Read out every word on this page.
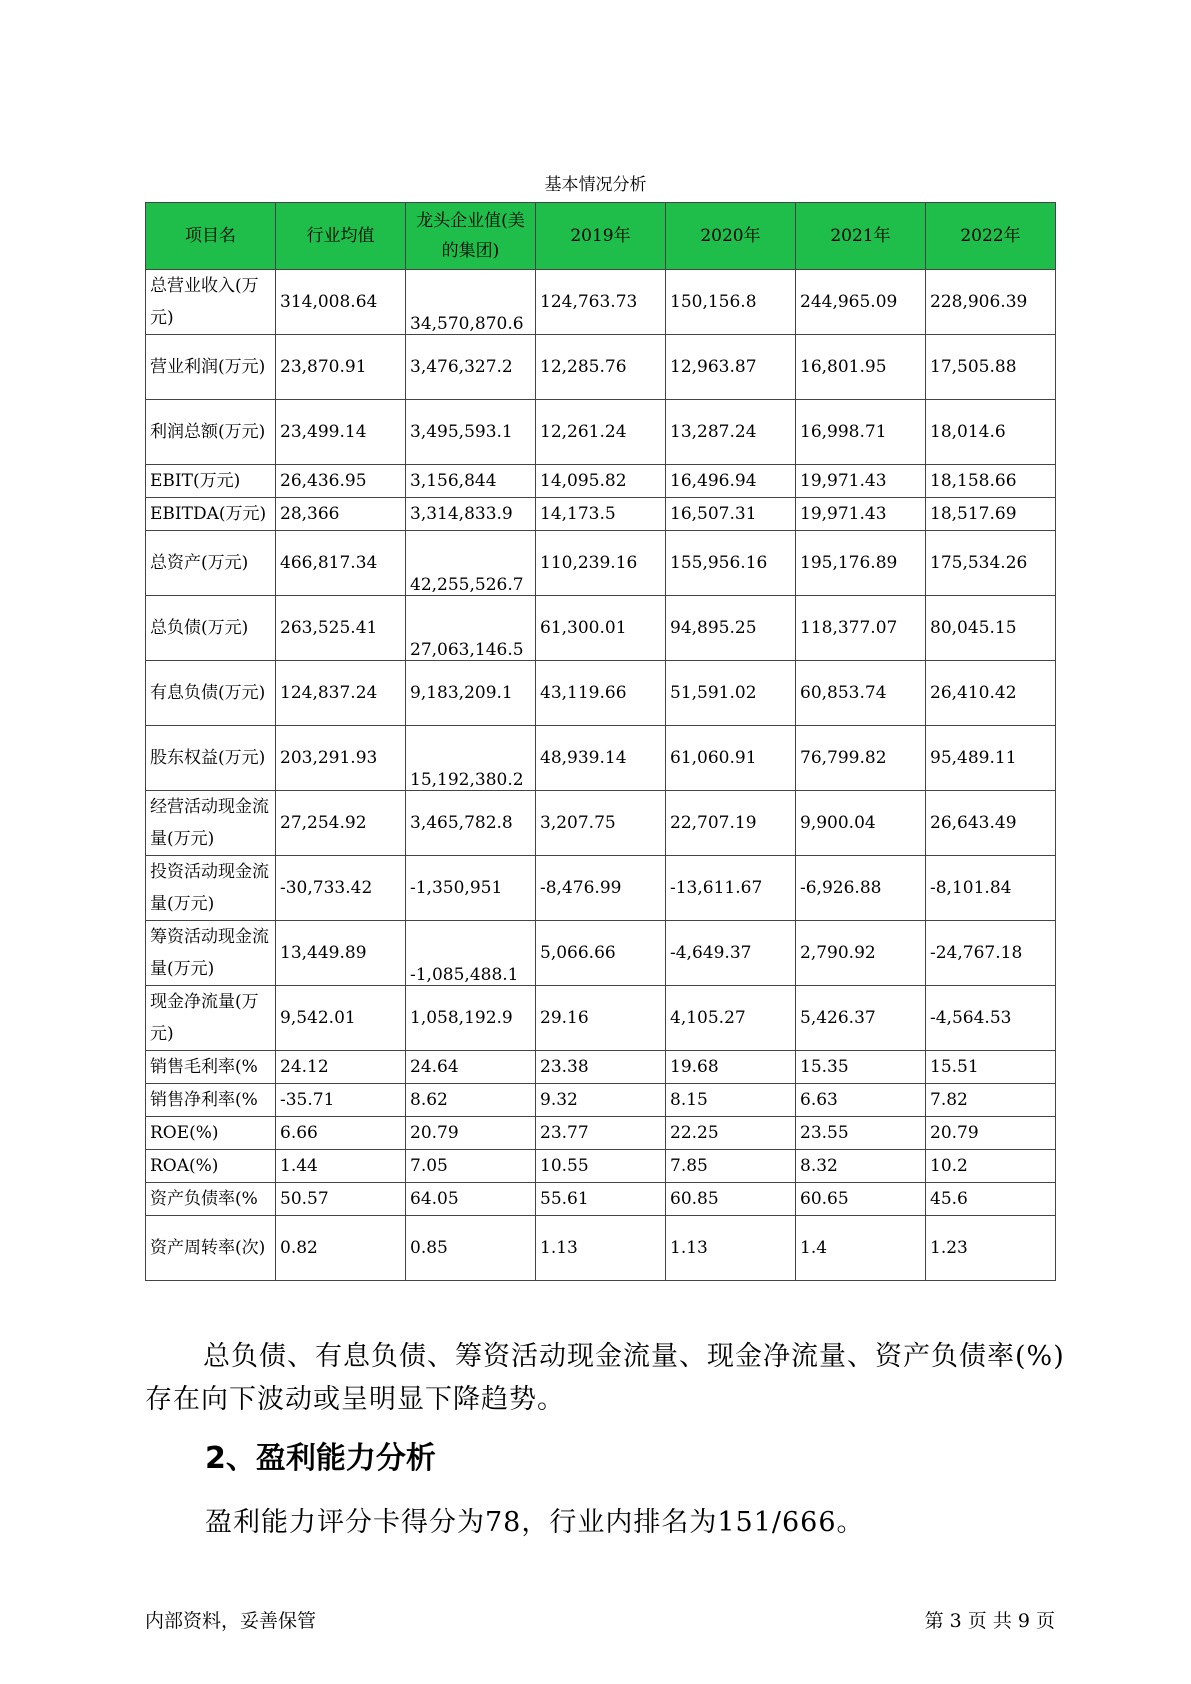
基本情况分析
项目名	行业均值	龙头企业值(美的集团)	2019年	2020年	2021年	2022年
总营业收入(万元)	314,008.64	34,570,870.6	124,763.73	150,156.8	244,965.09	228,906.39
营业利润(万元)	23,870.91	3,476,327.2	12,285.76	12,963.87	16,801.95	17,505.88
利润总额(万元)	23,499.14	3,495,593.1	12,261.24	13,287.24	16,998.71	18,014.6
EBIT(万元)	26,436.95	3,156,844	14,095.82	16,496.94	19,971.43	18,158.66
EBITDA(万元)	28,366	3,314,833.9	14,173.5	16,507.31	19,971.43	18,517.69
总资产(万元)	466,817.34	42,255,526.7	110,239.16	155,956.16	195,176.89	175,534.26
总负债(万元)	263,525.41	27,063,146.5	61,300.01	94,895.25	118,377.07	80,045.15
有息负债(万元)	124,837.24	9,183,209.1	43,119.66	51,591.02	60,853.74	26,410.42
股东权益(万元)	203,291.93	15,192,380.2	48,939.14	61,060.91	76,799.82	95,489.11
经营活动现金流量(万元)	27,254.92	3,465,782.8	3,207.75	22,707.19	9,900.04	26,643.49
投资活动现金流量(万元)	-30,733.42	-1,350,951	-8,476.99	-13,611.67	-6,926.88	-8,101.84
筹资活动现金流量(万元)	13,449.89	-1,085,488.1	5,066.66	-4,649.37	2,790.92	-24,767.18
现金净流量(万元)	9,542.01	1,058,192.9	29.16	4,105.27	5,426.37	-4,564.53
销售毛利率(%	24.12	24.64	23.38	19.68	15.35	15.51
销售净利率(%	-35.71	8.62	9.32	8.15	6.63	7.82
ROE(%)	6.66	20.79	23.77	22.25	23.55	20.79
ROA(%)	1.44	7.05	10.55	7.85	8.32	10.2
资产负债率(%	50.57	64.05	55.61	60.85	60.65	45.6
资产周转率(次)	0.82	0.85	1.13	1.13	1.4	1.23
总负债、有息负债、筹资活动现金流量、现金净流量、资产负债率(%)存在向下波动或呈明显下降趋势。
2、盈利能力分析
盈利能力评分卡得分为78，行业内排名为151/666。
内部资料，妥善保管	第 3 页 共 9 页
